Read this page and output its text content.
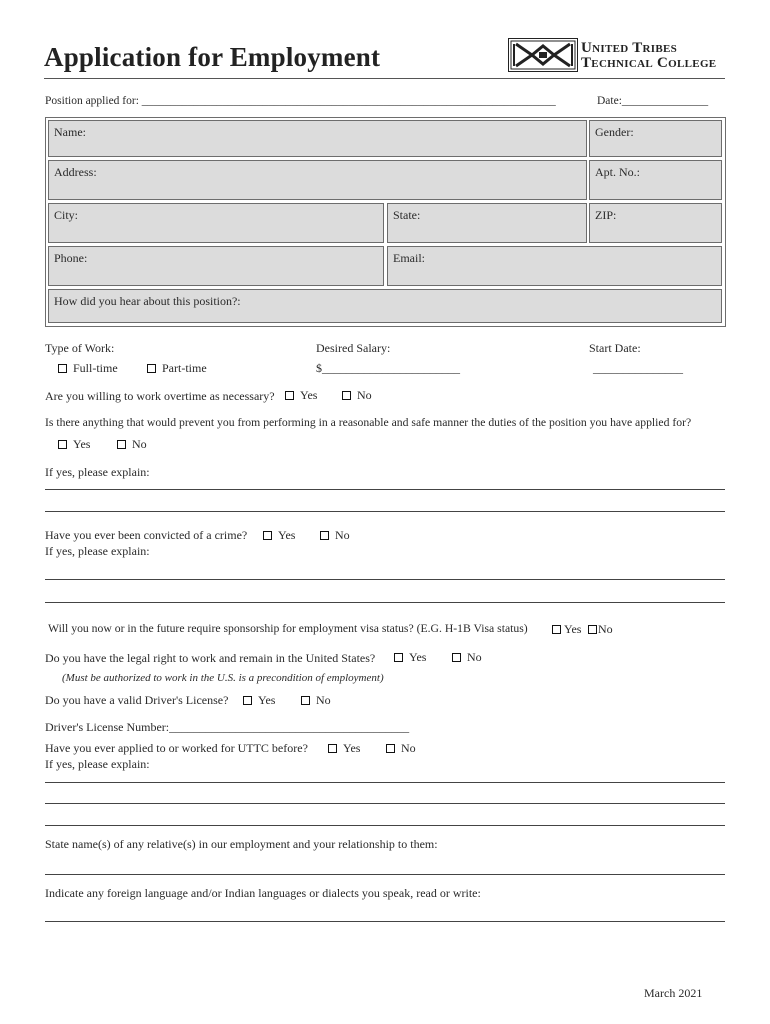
Application for Employment	United Tribes
Technical College
Position applied for: ________________________________________________________________________	Date:_______________
Name:	Gender:
Address:	Apt. No.:
City:	State:	ZIP:
Phone:	Email:
How did you hear about this position?:
Type of Work:
Full-time	Part-time
Desired Salary:
$_______________________
Start Date:
_______________
Are you willing to work overtime as necessary?	Yes	No
Is there anything that would prevent you from performing in a reasonable and safe manner the duties of the position you have applied for?
Yes	No
If yes, please explain:
Have you ever been convicted of a crime?	Yes	No
If yes, please explain:
Will you now or in the future require sponsorship for employment visa status? (E.G. H-1B Visa status)	Yes	No
Do you have the legal right to work and remain in the United States?	Yes	No
(Must be authorized to work in the U.S. is a precondition of employment)
Do you have a valid Driver's License?	Yes	No
Driver's License Number:________________________________________
Have you ever applied to or worked for UTTC before?	Yes	No
If yes, please explain:
State name(s) of any relative(s) in our employment and your relationship to them:
Indicate any foreign language and/or Indian languages or dialects you speak, read or write:
March 2021
